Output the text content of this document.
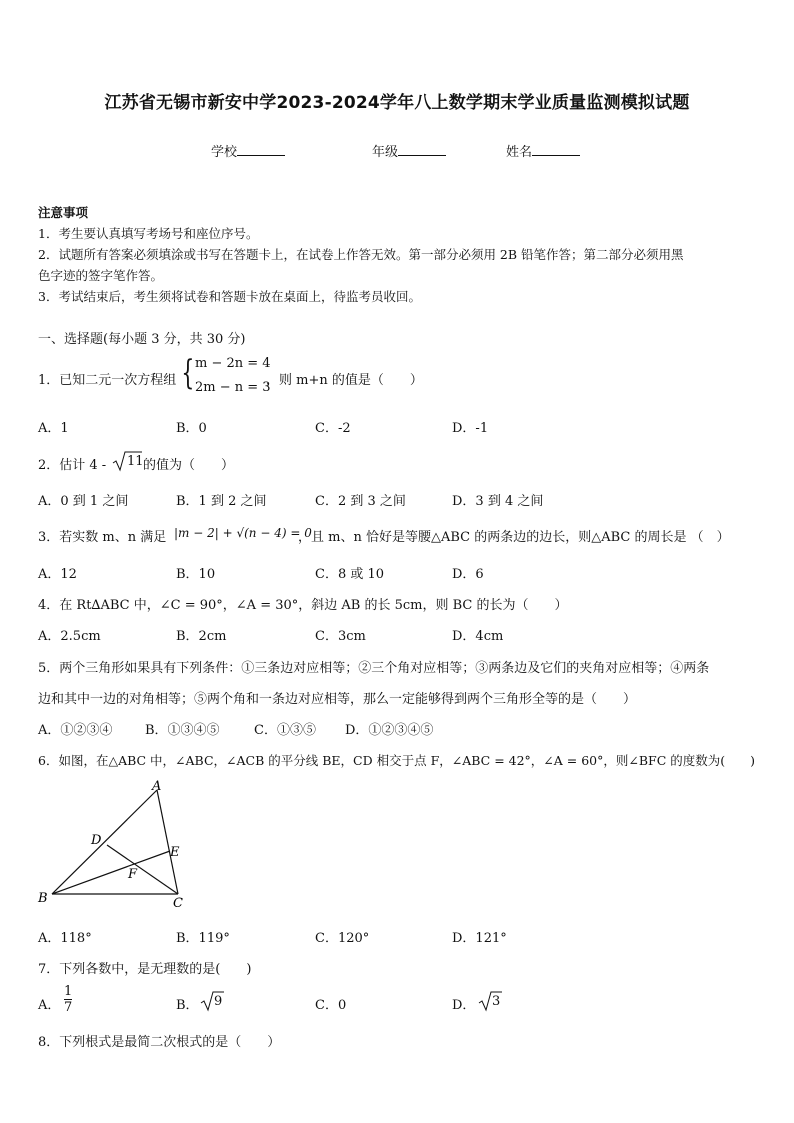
江苏省无锡市新安中学2023-2024学年八上数学期末学业质量监测模拟试题
学校	年级	姓名
注意事项
1．考生要认真填写考场号和座位序号。
2．试题所有答案必须填涂或书写在答题卡上，在试卷上作答无效。第一部分必须用 2B 铅笔作答；第二部分必须用黑
色字迹的签字笔作答。
3．考试结束后，考生须将试卷和答题卡放在桌面上，待监考员收回。
一、选择题(每小题 3 分，共 30 分)
1．已知二元一次方程组 { m − 2n = 4
2m − n = 3
，则 m+n 的值是（　　）
A．1	B．0	C．-2	D．-1
2．估计 4 - 11 的值为（　　）
A．0 到 1 之间	B．1 到 2 之间	C．2 到 3 之间	D．3 到 4 之间
3．若实数 m、n 满足 |m − 2| + √(n − 4) = 0
，且 m、n 恰好是等腰△ABC 的两条边的边长，则△ABC 的周长是 （　）
A．12	B．10	C．8 或 10	D．6
4．在 Rt∆ABC 中，∠C = 90°，∠A = 30°，斜边 AB 的长 5cm，则 BC 的长为（　　）
A．2.5cm	B．2cm	C．3cm	D．4cm
5．两个三角形如果具有下列条件：①三条边对应相等；②三个角对应相等；③两条边及它们的夹角对应相等；④两条
边和其中一边的对角相等；⑤两个角和一条边对应相等，那么一定能够得到两个三角形全等的是（　　）
A．①②③④	B．①③④⑤	C．①③⑤ D．①②③④⑤
6．如图，在△ABC 中，∠ABC，∠ACB 的平分线 BE，CD 相交于点 F，∠ABC = 42°，∠A = 60°，则∠BFC 的度数为(　　)
A
B	C
D
E
F
A．118°	B．119°	C．120°	D．121°
7．下列各数中，是无理数的是(　　)
A． $\frac{1}{7}$	B． 9	C．0	D． 3
8．下列根式是最简二次根式的是（　　）
